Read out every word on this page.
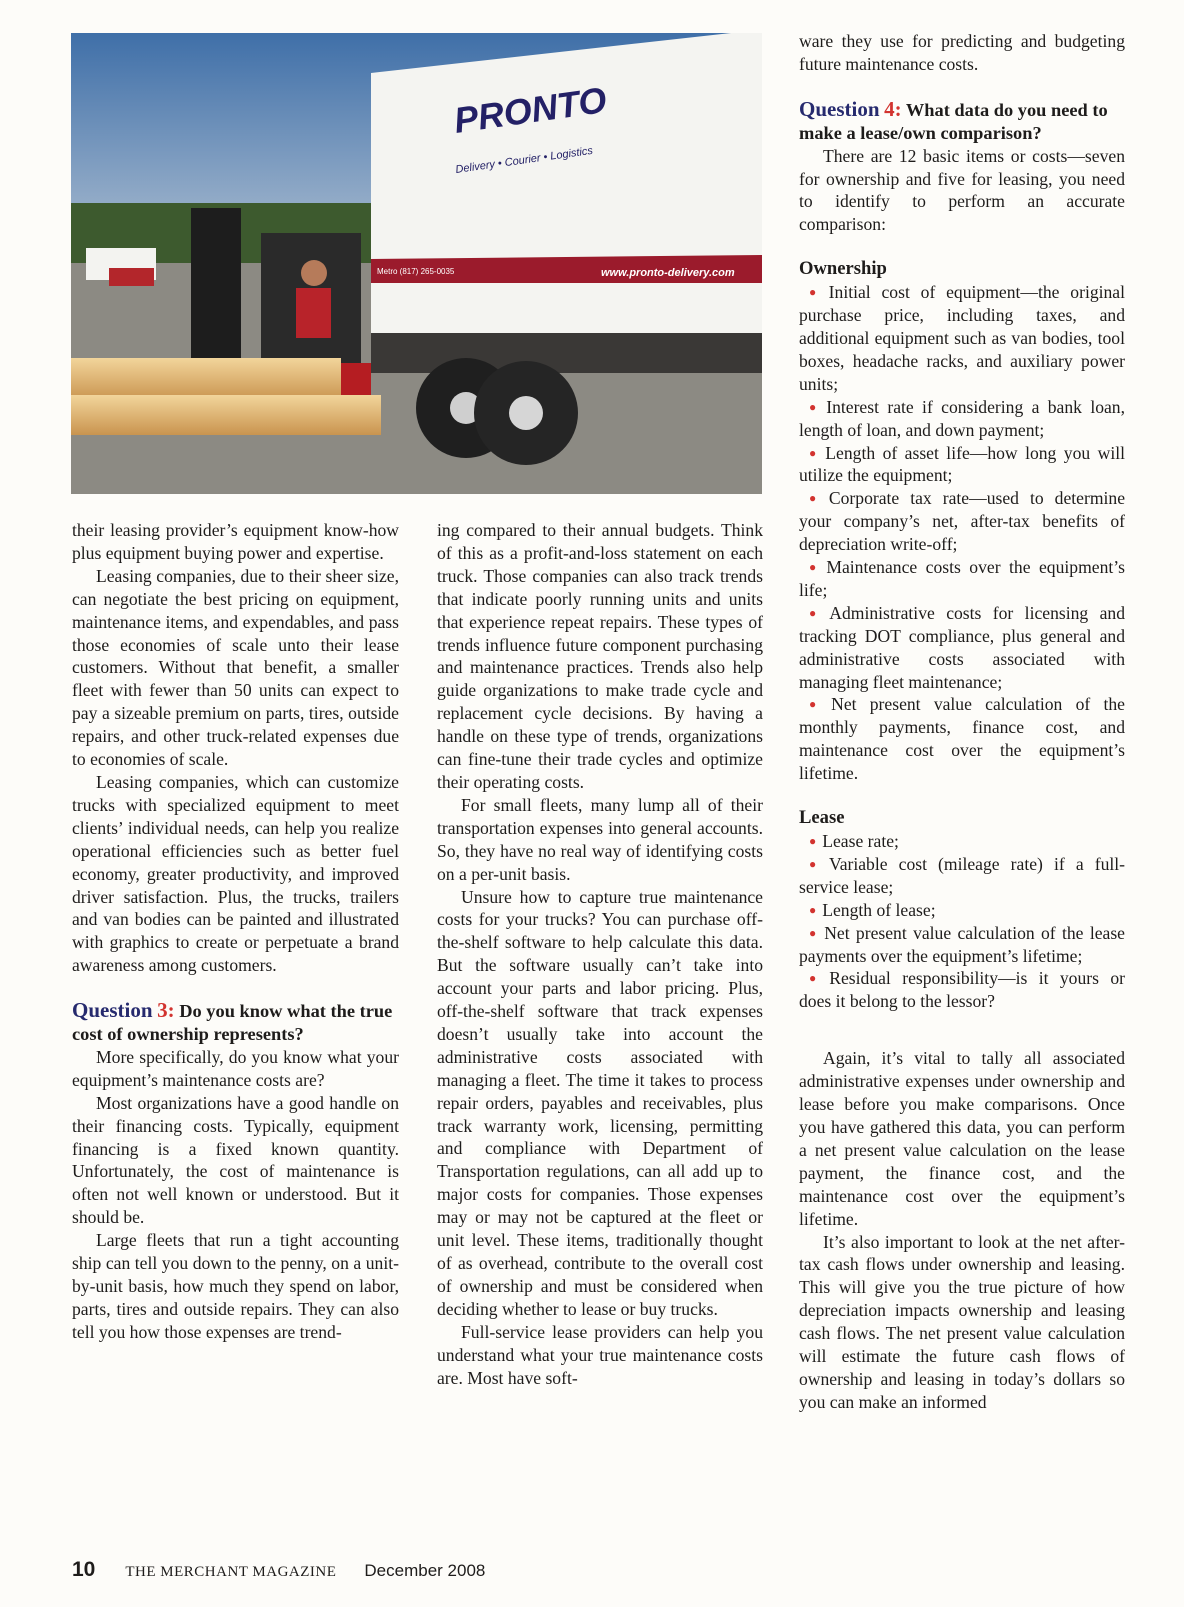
PRONTO
Delivery • Courier • Logistics
www.pronto-delivery.com
Metro (817) 265-0035

their leasing provider’s equipment know-how plus equipment buying power and expertise.

Leasing companies, due to their sheer size, can negotiate the best pricing on equipment, maintenance items, and expendables, and pass those economies of scale unto their lease customers. Without that benefit, a smaller fleet with fewer than 50 units can expect to pay a sizeable premium on parts, tires, outside repairs, and other truck-related expenses due to economies of scale.

Leasing companies, which can customize trucks with specialized equipment to meet clients’ individual needs, can help you realize operational efficiencies such as better fuel economy, greater productivity, and improved driver satisfaction. Plus, the trucks, trailers and van bodies can be painted and illustrated with graphics to create or perpetuate a brand awareness among customers.

Question 3: Do you know what the true cost of ownership represents?

More specifically, do you know what your equipment’s maintenance costs are?

Most organizations have a good handle on their financing costs. Typically, equipment financing is a fixed known quantity. Unfortunately, the cost of maintenance is often not well known or understood. But it should be.

Large fleets that run a tight accounting ship can tell you down to the penny, on a unit-by-unit basis, how much they spend on labor, parts, tires and outside repairs. They can also tell you how those expenses are trend-

ing compared to their annual budgets. Think of this as a profit-and-loss statement on each truck. Those companies can also track trends that indicate poorly running units and units that experience repeat repairs. These types of trends influence future component purchasing and maintenance practices. Trends also help guide organizations to make trade cycle and replacement cycle decisions. By having a handle on these type of trends, organizations can fine-tune their trade cycles and optimize their operating costs.

For small fleets, many lump all of their transportation expenses into general accounts. So, they have no real way of identifying costs on a per-unit basis.

Unsure how to capture true maintenance costs for your trucks? You can purchase off-the-shelf software to help calculate this data. But the software usually can’t take into account your parts and labor pricing. Plus, off-the-shelf software that track expenses doesn’t usually take into account the administrative costs associated with managing a fleet. The time it takes to process repair orders, payables and receivables, plus track warranty work, licensing, permitting and compliance with Department of Transportation regulations, can all add up to major costs for companies. Those expenses may or may not be captured at the fleet or unit level. These items, traditionally thought of as overhead, contribute to the overall cost of ownership and must be considered when deciding whether to lease or buy trucks.

Full-service lease providers can help you understand what your true maintenance costs are. Most have soft-

ware they use for predicting and budgeting future maintenance costs.

Question 4: What data do you need to make a lease/own comparison?

There are 12 basic items or costs—seven for ownership and five for leasing, you need to identify to perform an accurate comparison:

Ownership
● Initial cost of equipment—the original purchase price, including taxes, and additional equipment such as van bodies, tool boxes, headache racks, and auxiliary power units;
● Interest rate if considering a bank loan, length of loan, and down payment;
● Length of asset life—how long you will utilize the equipment;
● Corporate tax rate—used to determine your company’s net, after-tax benefits of depreciation write-off;
● Maintenance costs over the equipment’s life;
● Administrative costs for licensing and tracking DOT compliance, plus general and administrative costs associated with managing fleet maintenance;
● Net present value calculation of the monthly payments, finance cost, and maintenance cost over the equipment’s lifetime.
Lease
● Lease rate;
● Variable cost (mileage rate) if a full-service lease;
● Length of lease;
● Net present value calculation of the lease payments over the equipment’s lifetime;
● Residual responsibility—is it yours or does it belong to the lessor?

Again, it’s vital to tally all associated administrative expenses under ownership and lease before you make comparisons. Once you have gathered this data, you can perform a net present value calculation on the lease payment, the finance cost, and the maintenance cost over the equipment’s lifetime.

It’s also important to look at the net after-tax cash flows under ownership and leasing. This will give you the true picture of how depreciation impacts ownership and leasing cash flows. The net present value calculation will estimate the future cash flows of ownership and leasing in today’s dollars so you can make an informed

10 THE MERCHANT MAGAZINE December 2008
